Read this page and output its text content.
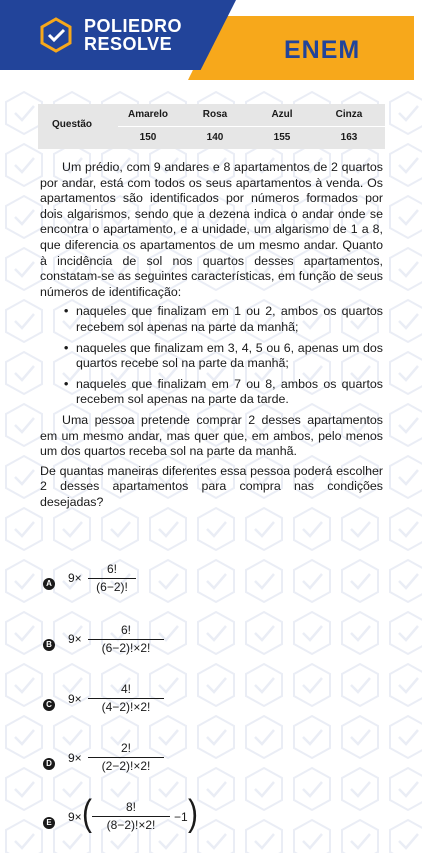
POLIEDRO
RESOLVE	ENEM
Questão
Amarelo
150
Rosa
140
Azul
155
Cinza
163

Um prédio, com 9 andares e 8 apartamentos de 2 quartos por andar, está com todos os seus apartamentos à venda. Os apartamentos são identificados por números formados por dois algarismos, sendo que a dezena indica o andar onde se encontra o apartamento, e a unidade, um algarismo de 1 a 8, que diferencia os apartamentos de um mesmo andar. Quanto à incidência de sol nos quartos desses apartamentos, constatam-se as seguintes características, em função de seus números de identificação:

• naqueles que finalizam em 1 ou 2, ambos os quartos recebem sol apenas na parte da manhã;
• naqueles que finalizam em 3, 4, 5 ou 6, apenas um dos quartos recebe sol na parte da manhã;
• naqueles que finalizam em 7 ou 8, ambos os quartos recebem sol apenas na parte da tarde.

Uma pessoa pretende comprar 2 desses apartamentos em um mesmo andar, mas quer que, em ambos, pelo menos um dos quartos receba sol na parte da manhã.

De quantas maneiras diferentes essa pessoa poderá escolher 2 desses apartamentos para compra nas condições desejadas?

A 9×
6!
(6−2)!
B 9×
6!
(6−2)!×2!
C 9×
4!
(4−2)!×2!
D 9×
2!
(2−2)!×2!
E 9× (	8!
(8−2)!×2!
−1 )
